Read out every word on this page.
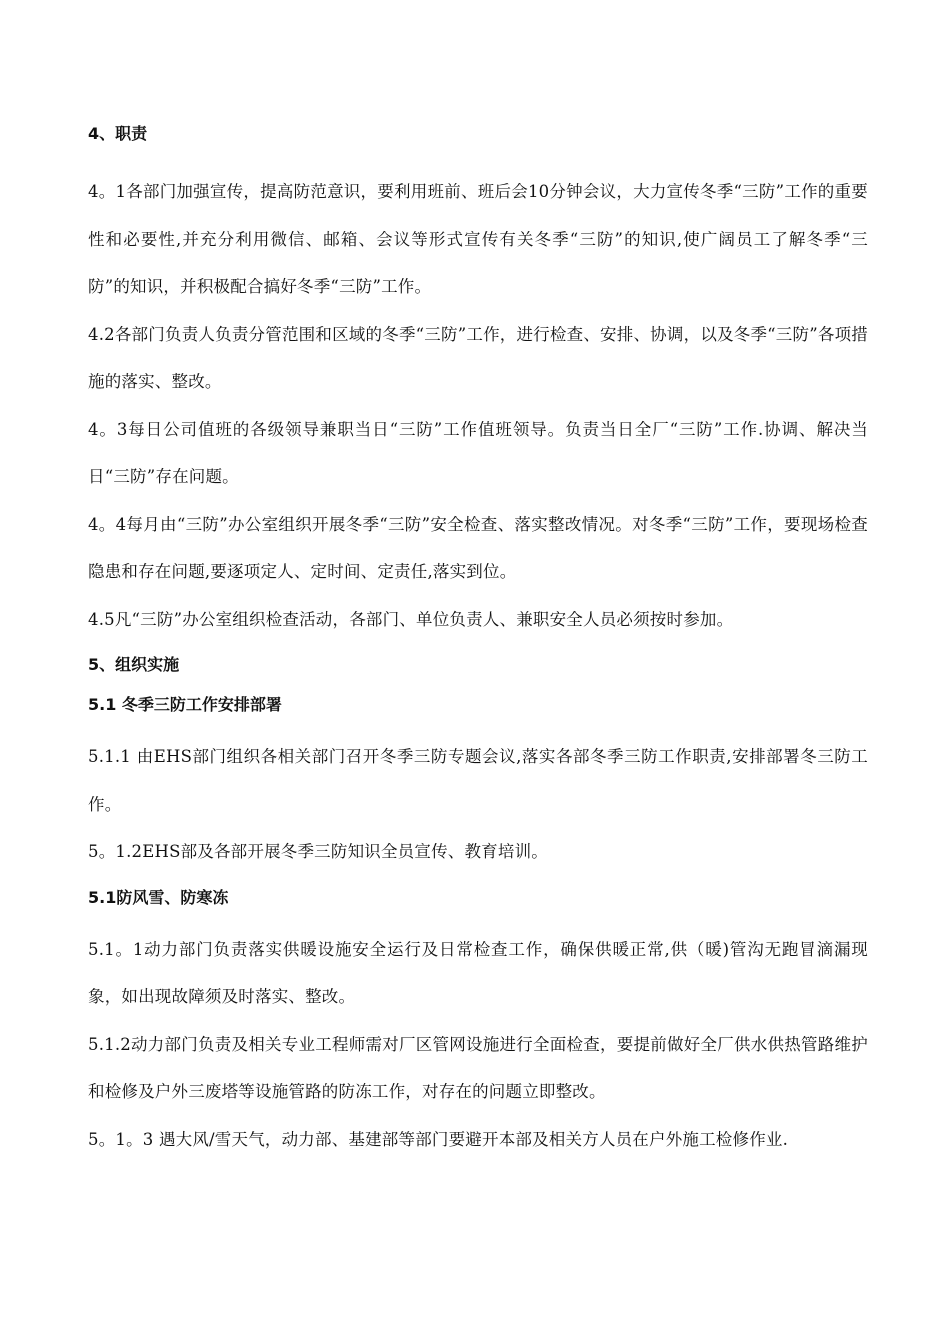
4、职责

4。1各部门加强宣传，提高防范意识，要利用班前、班后会10分钟会议，大力宣传冬季“三防”工作的重要性和必要性,并充分利用微信、邮箱、会议等形式宣传有关冬季“三防”的知识,使广阔员工了解冬季“三防”的知识，并积极配合搞好冬季“三防”工作。

4.2各部门负责人负责分管范围和区域的冬季“三防”工作，进行检查、安排、协调，以及冬季“三防”各项措施的落实、整改。

4。3每日公司值班的各级领导兼职当日“三防”工作值班领导。负责当日全厂“三防”工作.协调、解决当日“三防”存在问题。

4。4每月由“三防”办公室组织开展冬季“三防”安全检查、落实整改情况。对冬季“三防”工作，要现场检查隐患和存在问题,要逐项定人、定时间、定责任,落实到位。

4.5凡“三防”办公室组织检查活动，各部门、单位负责人、兼职安全人员必须按时参加。

5、组织实施
5.1 冬季三防工作安排部署

5.1.1 由EHS部门组织各相关部门召开冬季三防专题会议,落实各部冬季三防工作职责,安排部署冬三防工作。

5。1.2EHS部及各部开展冬季三防知识全员宣传、教育培训。

5.1防风雪、防寒冻

5.1。1动力部门负责落实供暖设施安全运行及日常检查工作，确保供暖正常,供（暖)管沟无跑冒滴漏现象，如出现故障须及时落实、整改。

5.1.2动力部门负责及相关专业工程师需对厂区管网设施进行全面检查，要提前做好全厂供水供热管路维护和检修及户外三废塔等设施管路的防冻工作，对存在的问题立即整改。

5。1。3 遇大风/雪天气，动力部、基建部等部门要避开本部及相关方人员在户外施工检修作业.
